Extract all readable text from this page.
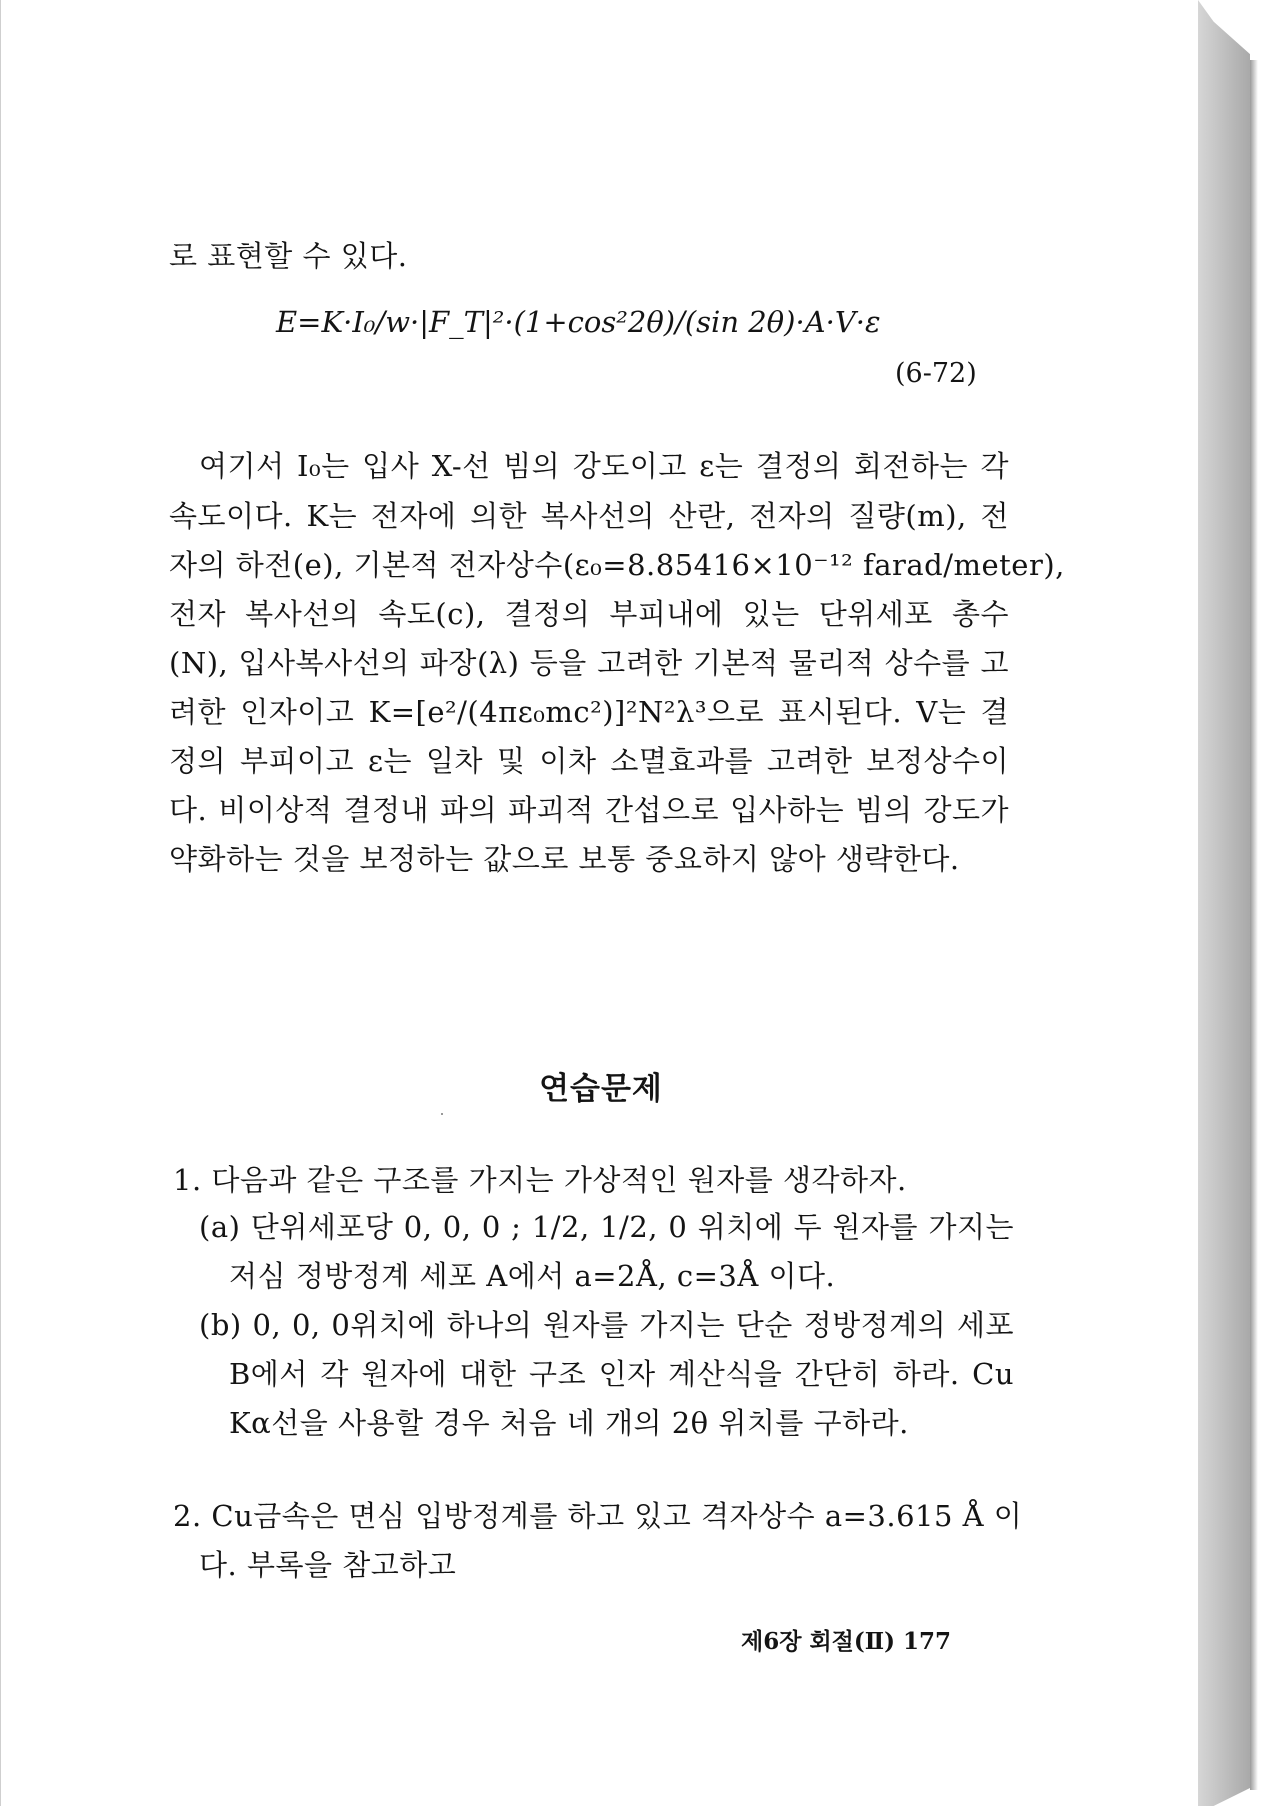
로 표현할 수 있다.
E=K·I₀/w·|F_T|²·(1+cos²2θ)/(sin 2θ)·A·V·ε
(6-72)
여기서 I₀는 입사 X-선 빔의 강도이고 ε는 결정의 회전하는 각
속도이다. K는 전자에 의한 복사선의 산란, 전자의 질량(m), 전
자의 하전(e), 기본적 전자상수(ε₀=8.85416×10⁻¹² farad/meter),
전자 복사선의 속도(c), 결정의 부피내에 있는 단위세포 총수
(N), 입사복사선의 파장(λ) 등을 고려한 기본적 물리적 상수를 고
려한 인자이고 K=[e²/(4πε₀mc²)]²N²λ³으로 표시된다. V는 결
정의 부피이고 ε는 일차 및 이차 소멸효과를 고려한 보정상수이
다. 비이상적 결정내 파의 파괴적 간섭으로 입사하는 빔의 강도가
약화하는 것을 보정하는 값으로 보통 중요하지 않아 생략한다.
연습문제
1. 다음과 같은 구조를 가지는 가상적인 원자를 생각하자.
(a) 단위세포당 0, 0, 0 ; 1/2, 1/2, 0 위치에 두 원자를 가지는
저심 정방정계 세포 A에서 a=2Å, c=3Å 이다.
(b) 0, 0, 0위치에 하나의 원자를 가지는 단순 정방정계의 세포
B에서 각 원자에 대한 구조 인자 계산식을 간단히 하라. Cu
Kα선을 사용할 경우 처음 네 개의 2θ 위치를 구하라.
2. Cu금속은 면심 입방정계를 하고 있고 격자상수 a=3.615 Å 이
다. 부록을 참고하고
제6장 회절(Ⅱ) 177
